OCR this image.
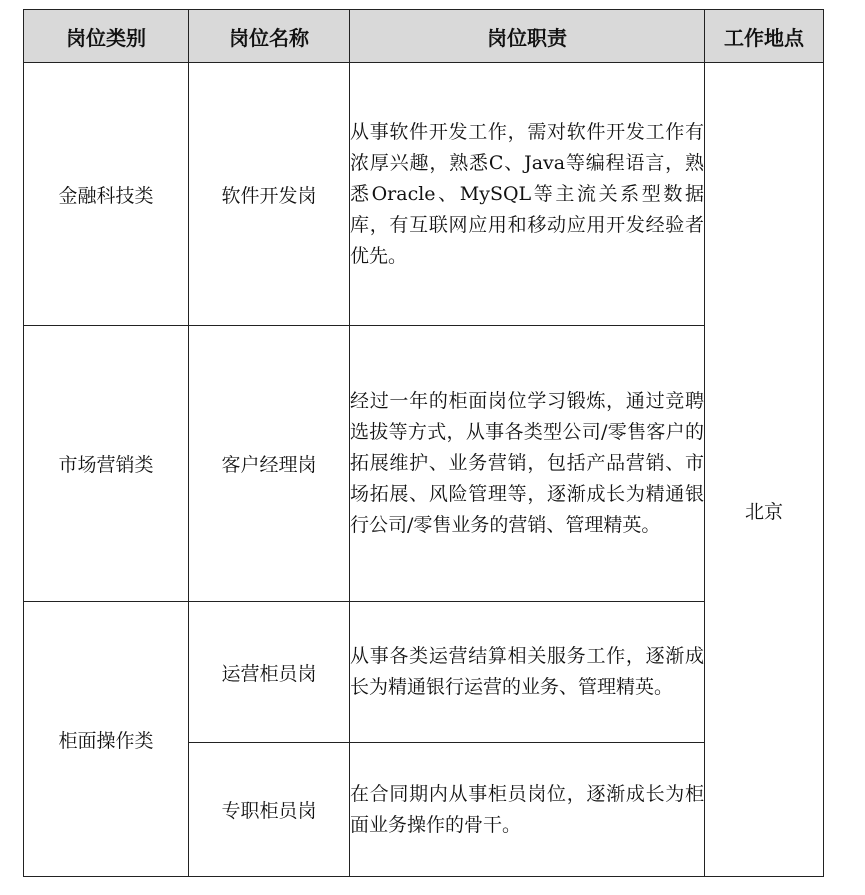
岗位类别	岗位名称	岗位职责	工作地点
金融科技类	软件开发岗	从事软件开发工作，需对软件开发工作有浓厚兴趣，熟悉C、Java等编程语言，熟悉Oracle、MySQL等主流关系型数据库，有互联网应用和移动应用开发经验者优先。	北京
市场营销类	客户经理岗	经过一年的柜面岗位学习锻炼，通过竞聘选拔等方式，从事各类型公司/零售客户的拓展维护、业务营销，包括产品营销、市场拓展、风险管理等，逐渐成长为精通银行公司/零售业务的营销、管理精英。	
柜面操作类	运营柜员岗	从事各类运营结算相关服务工作，逐渐成长为精通银行运营的业务、管理精英。	
	专职柜员岗	在合同期内从事柜员岗位，逐渐成长为柜面业务操作的骨干。	
